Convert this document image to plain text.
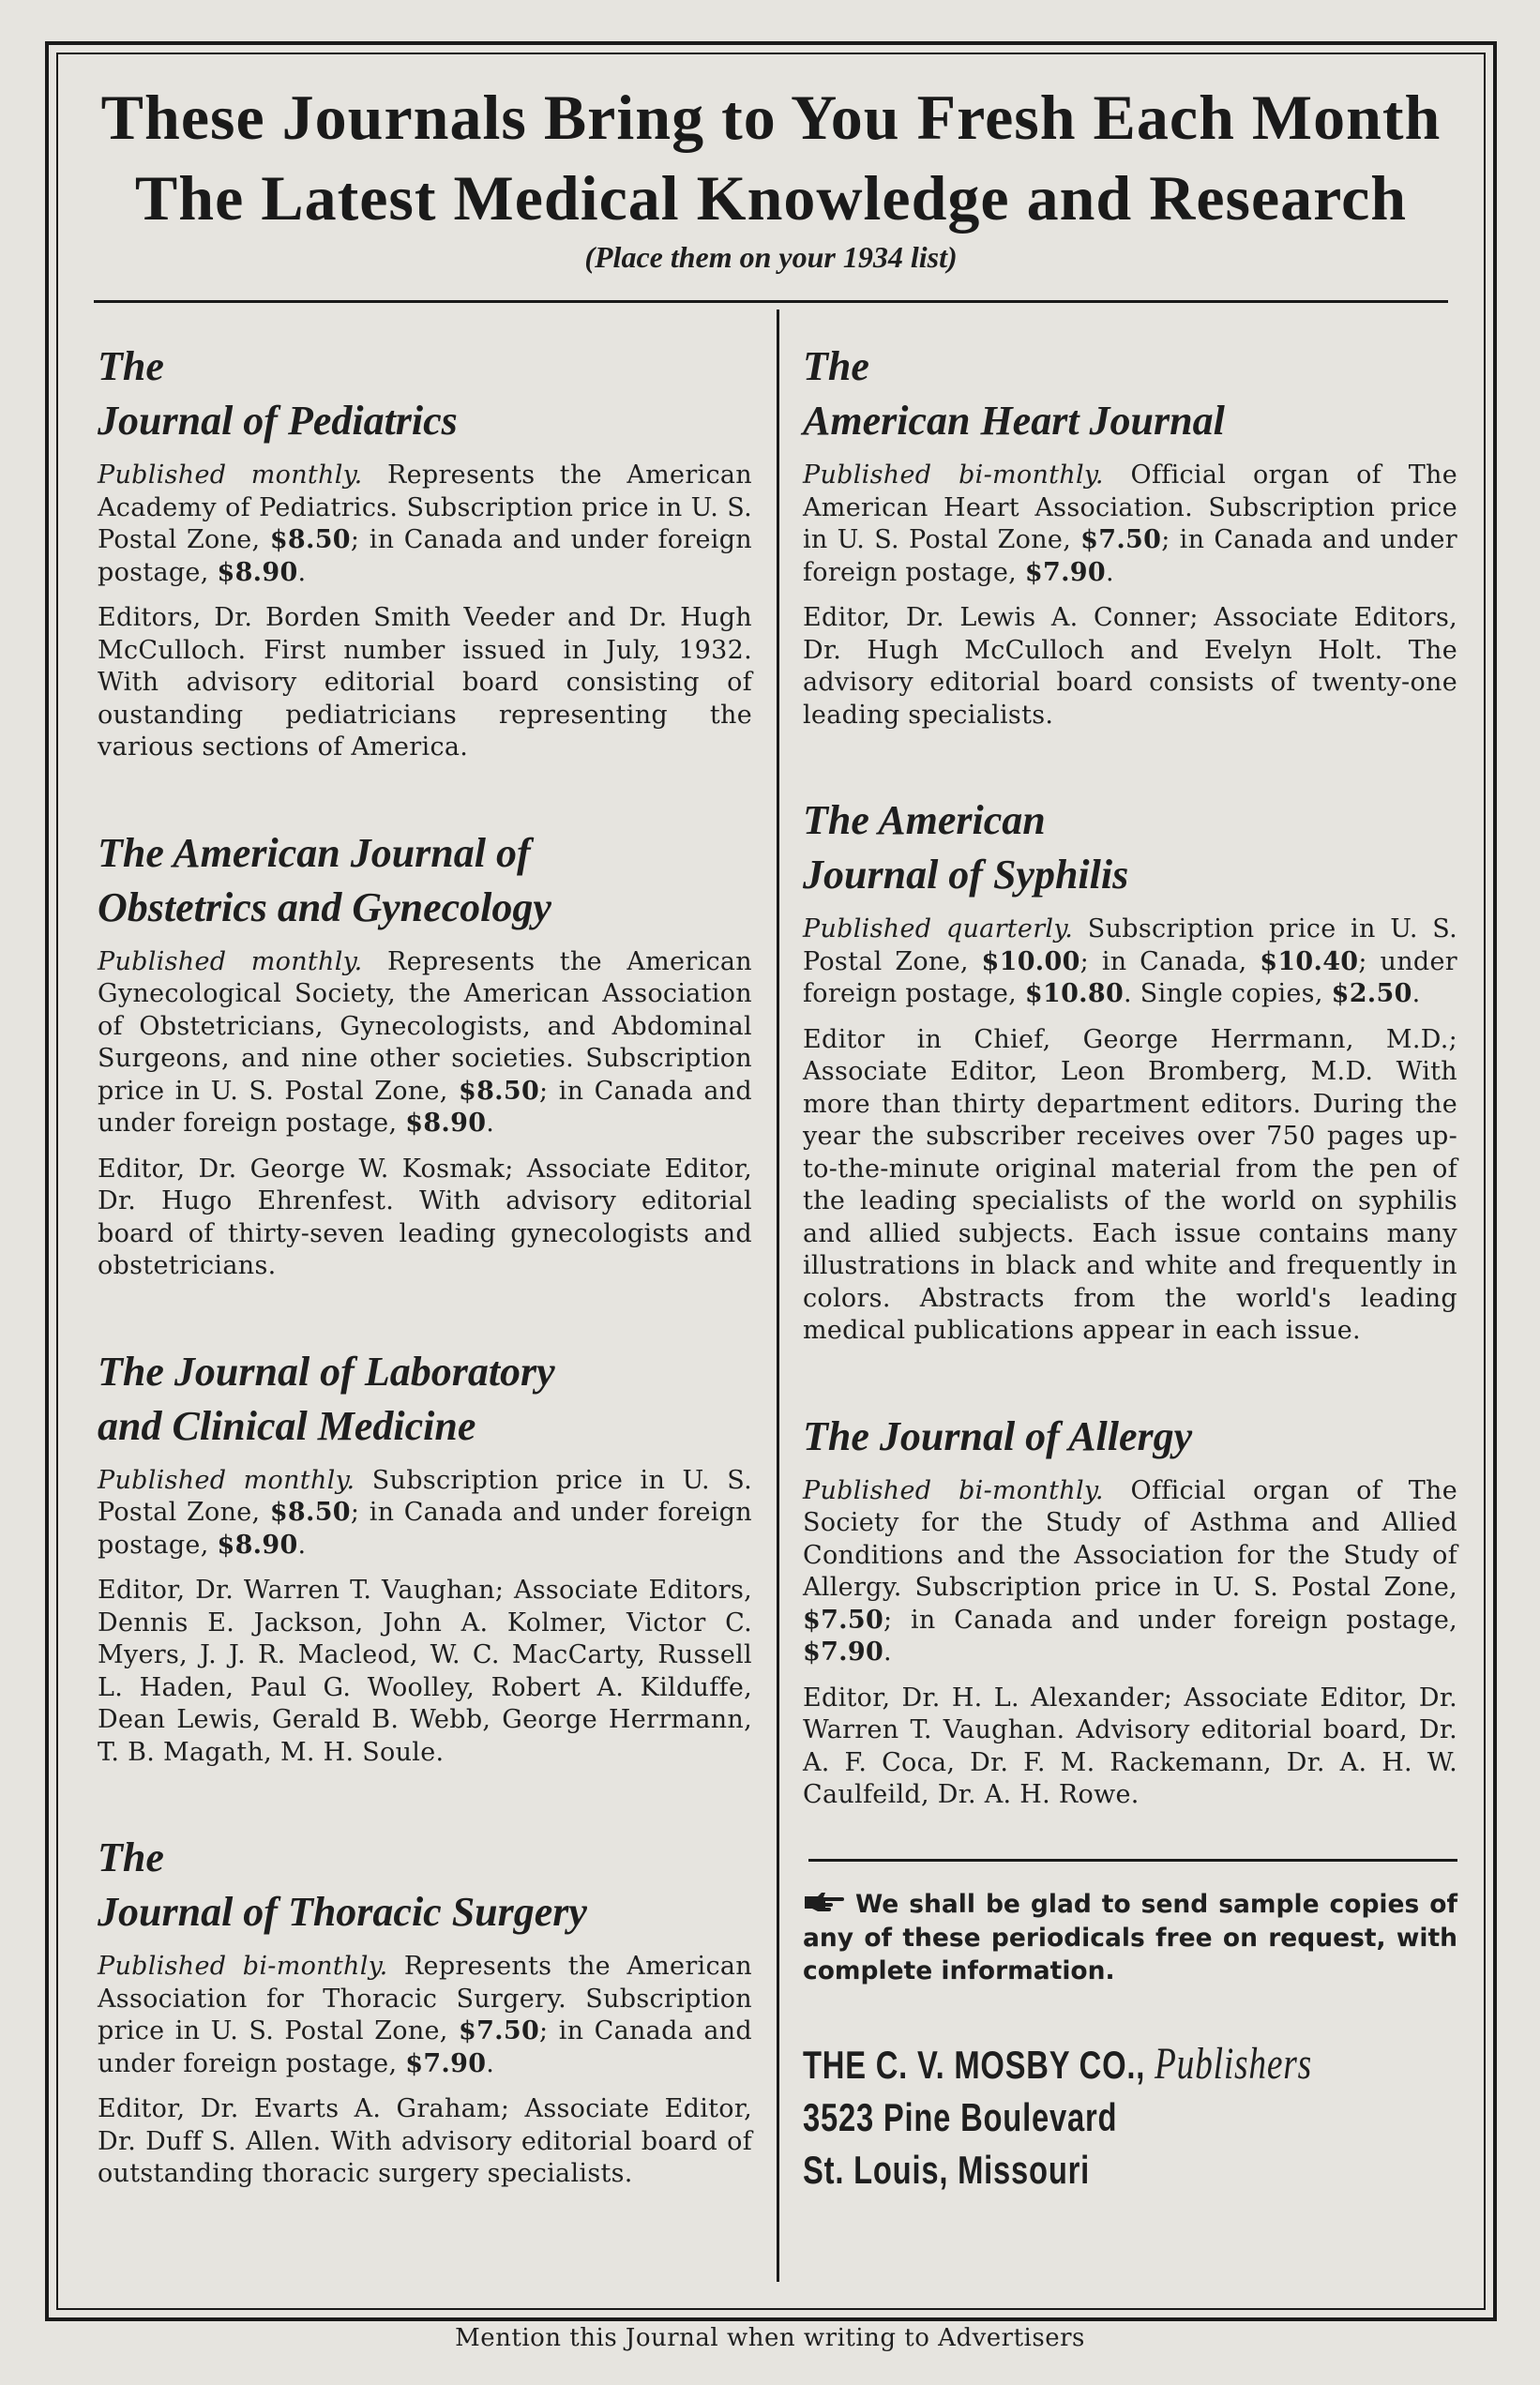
These Journals Bring to You Fresh Each Month
The Latest Medical Knowledge and Research
(Place them on your 1934 list)
The
Journal of Pediatrics

Published monthly. Represents the American Academy of Pediatrics. Subscription price in U. S. Postal Zone, $8.50; in Canada and under foreign postage, $8.90.

Editors, Dr. Borden Smith Veeder and Dr. Hugh McCulloch. First number issued in July, 1932. With advisory editorial board consisting of oustanding pediatricians representing the various sections of America.

The American Journal of
Obstetrics and Gynecology

Published monthly. Represents the American Gynecological Society, the American Association of Obstetricians, Gynecologists, and Abdominal Surgeons, and nine other societies. Subscription price in U. S. Postal Zone, $8.50; in Canada and under foreign postage, $8.90.

Editor, Dr. George W. Kosmak; Associate Editor, Dr. Hugo Ehrenfest. With advisory editorial board of thirty-seven leading gynecologists and obstetricians.

The Journal of Laboratory
and Clinical Medicine

Published monthly. Subscription price in U. S. Postal Zone, $8.50; in Canada and under foreign postage, $8.90.

Editor, Dr. Warren T. Vaughan; Associate Editors, Dennis E. Jackson, John A. Kolmer, Victor C. Myers, J. J. R. Macleod, W. C. MacCarty, Russell L. Haden, Paul G. Woolley, Robert A. Kilduffe, Dean Lewis, Gerald B. Webb, George Herrmann, T. B. Magath, M. H. Soule.

The
Journal of Thoracic Surgery

Published bi-monthly. Represents the American Association for Thoracic Surgery. Subscription price in U. S. Postal Zone, $7.50; in Canada and under foreign postage, $7.90.

Editor, Dr. Evarts A. Graham; Associate Editor, Dr. Duff S. Allen. With advisory editorial board of outstanding thoracic surgery specialists.

The
American Heart Journal

Published bi-monthly. Official organ of The American Heart Association. Subscription price in U. S. Postal Zone, $7.50; in Canada and under foreign postage, $7.90.

Editor, Dr. Lewis A. Conner; Associate Editors, Dr. Hugh McCulloch and Evelyn Holt. The advisory editorial board consists of twenty-one leading specialists.

The American
Journal of Syphilis

Published quarterly. Subscription price in U. S. Postal Zone, $10.00; in Canada, $10.40; under foreign postage, $10.80. Single copies, $2.50.

Editor in Chief, George Herrmann, M.D.; Associate Editor, Leon Bromberg, M.D. With more than thirty department editors. During the year the subscriber receives over 750 pages up-to-the-minute original material from the pen of the leading specialists of the world on syphilis and allied subjects. Each issue contains many illustrations in black and white and frequently in colors. Abstracts from the world's leading medical publications appear in each issue.

The Journal of Allergy

Published bi-monthly. Official organ of The Society for the Study of Asthma and Allied Conditions and the Association for the Study of Allergy. Subscription price in U. S. Postal Zone, $7.50; in Canada and under foreign postage, $7.90.

Editor, Dr. H. L. Alexander; Associate Editor, Dr. Warren T. Vaughan. Advisory editorial board, Dr. A. F. Coca, Dr. F. M. Rackemann, Dr. A. H. W. Caulfeild, Dr. A. H. Rowe.

We shall be glad to send sample copies of any of these periodicals free on request, with complete information.

THE C. V. MOSBY CO., Publishers
3523 Pine Boulevard
St. Louis, Missouri
Mention this Journal when writing to Advertisers
